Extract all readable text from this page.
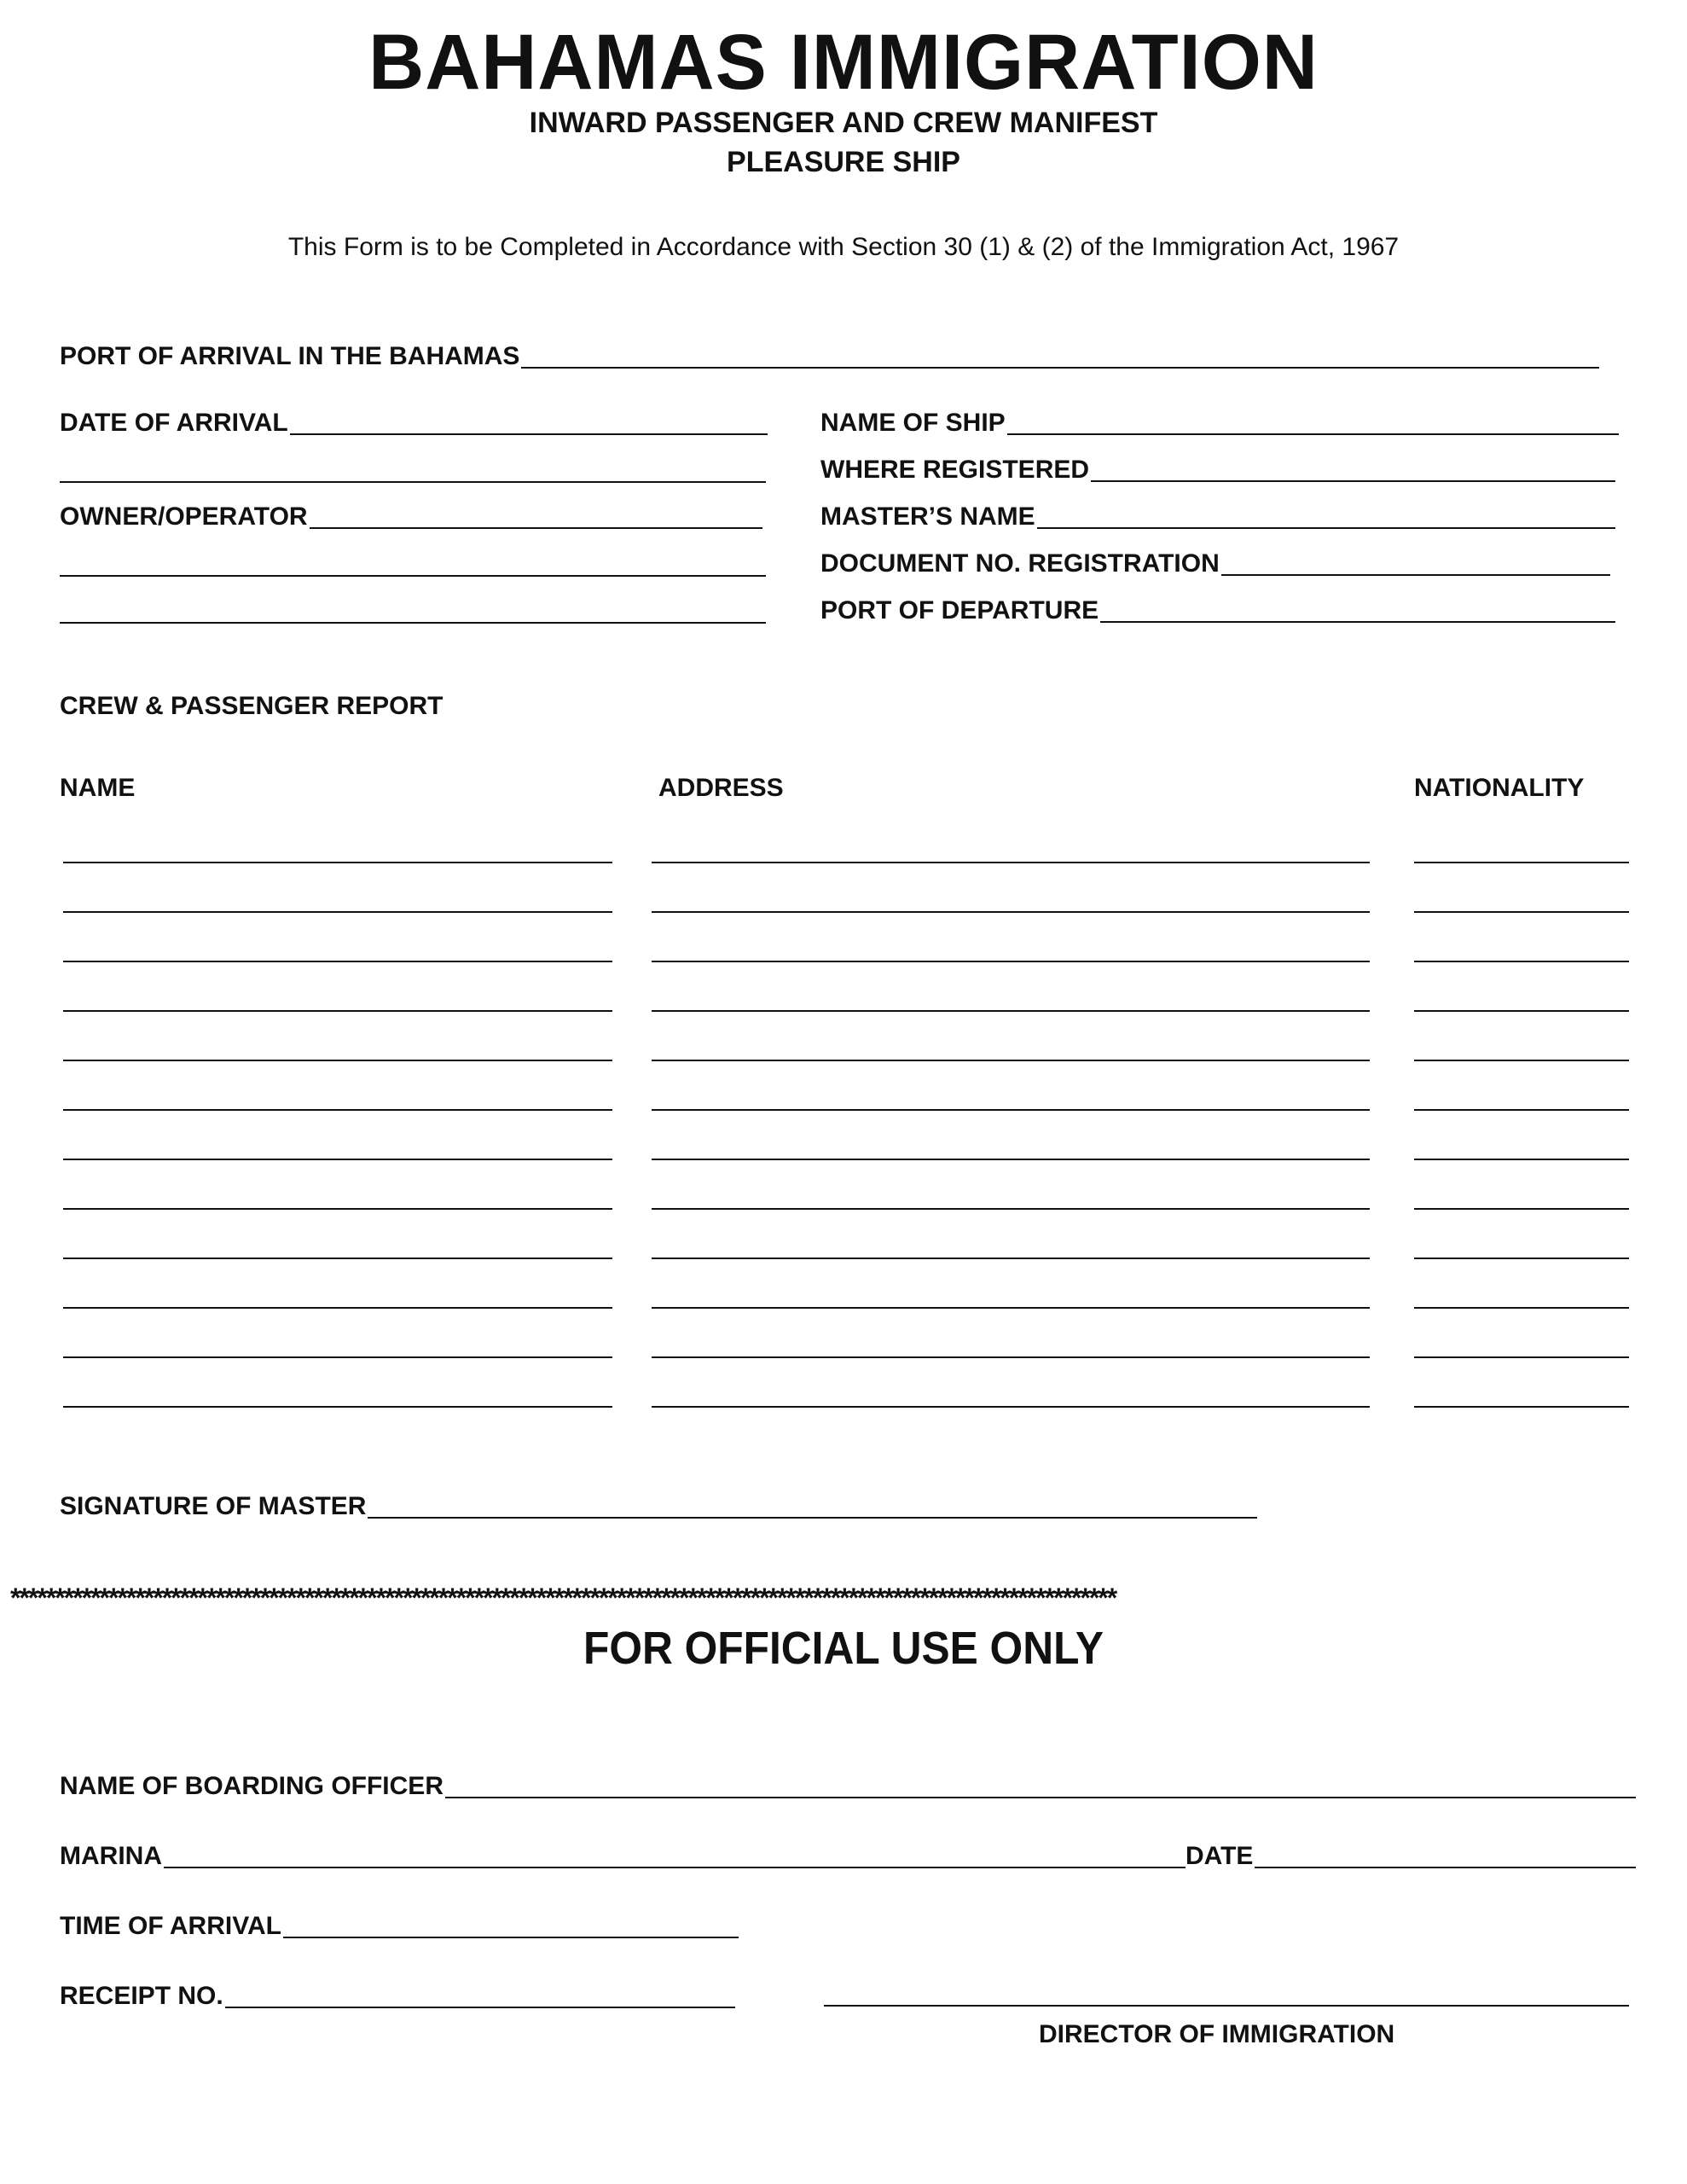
BAHAMAS IMMIGRATION
INWARD PASSENGER AND CREW MANIFEST
PLEASURE SHIP
This Form is to be Completed in Accordance with Section 30 (1) & (2) of the Immigration Act, 1967
PORT OF ARRIVAL IN THE BAHAMAS
DATE OF ARRIVAL
OWNER/OPERATOR
NAME OF SHIP
WHERE REGISTERED
MASTER’S NAME
DOCUMENT NO. REGISTRATION
PORT OF DEPARTURE
CREW & PASSENGER REPORT
NAME	ADDRESS	NATIONALITY
SIGNATURE OF MASTER
****************************************************************************************************************************
FOR OFFICIAL USE ONLY
NAME OF BOARDING OFFICER
MARINA	DATE
TIME OF ARRIVAL
RECEIPT NO.
DIRECTOR OF IMMIGRATION
